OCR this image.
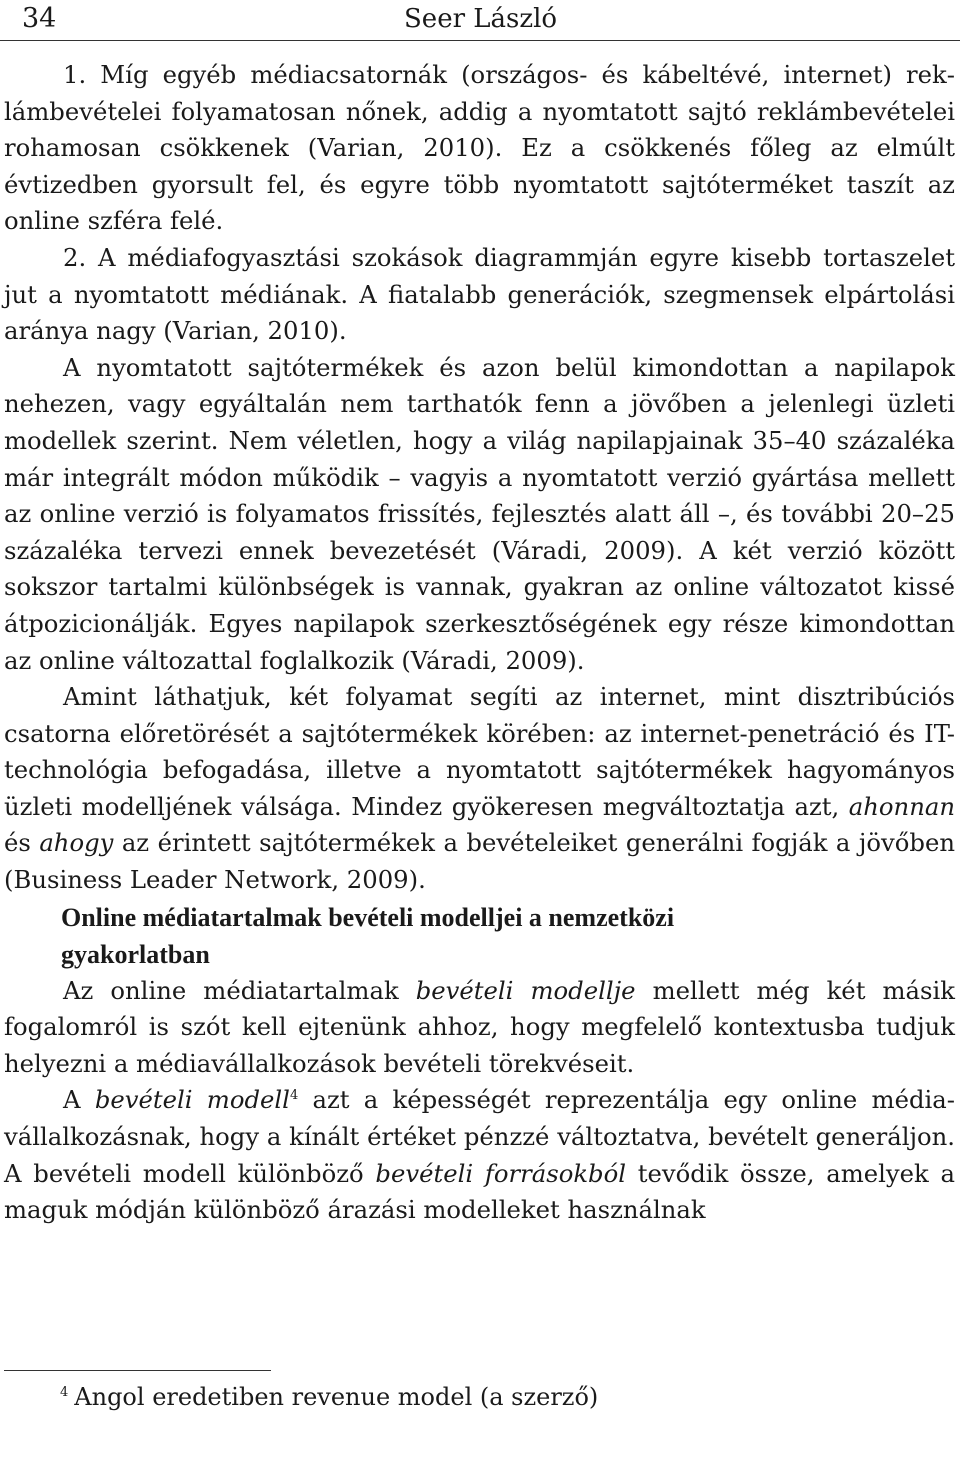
34	Seer László

1. Míg egyéb médiacsatornák (országos- és kábeltévé, internet) reklámbevételei folyamatosan nőnek, addig a nyomtatott sajtó reklámbevételei rohamosan csökkenek (Varian, 2010). Ez a csökkenés főleg az elmúlt évtizedben gyorsult fel, és egyre több nyomtatott sajtóterméket taszít az online szféra felé.

2. A médiafogyasztási szokások diagrammján egyre kisebb tortaszelet jut a nyomtatott médiának. A fiatalabb generációk, szegmensek elpártolási aránya nagy (Varian, 2010).

A nyomtatott sajtótermékek és azon belül kimondottan a napilapok nehezen, vagy egyáltalán nem tarthatók fenn a jövőben a jelenlegi üzleti modellek szerint. Nem véletlen, hogy a világ napilapjainak 35–40 százaléka már integrált módon működik – vagyis a nyomtatott verzió gyártása mellett az online verzió is folyamatos frissítés, fejlesztés alatt áll –, és további 20–25 százaléka tervezi ennek bevezetését (Váradi, 2009). A két verzió között sokszor tartalmi különbségek is vannak, gyakran az online változatot kissé átpozicionálják. Egyes napilapok szerkesztőségének egy része kimondottan az online változattal foglalkozik (Váradi, 2009).

Amint láthatjuk, két folyamat segíti az internet, mint disztribúciós csatorna előretörését a sajtótermékek körében: az internet-penetráció és IT-technológia befogadása, illetve a nyomtatott sajtótermékek hagyományos üzleti modelljének válsága. Mindez gyökeresen megváltoztatja azt, ahonnan és ahogy az érintett sajtótermékek a bevételeiket generálni fogják a jövőben (Business Leader Network, 2009).

Online médiatartalmak bevételi modelljei a nemzetközi gyakorlatban

Az online médiatartalmak bevételi modellje mellett még két másik fogalomról is szót kell ejtenünk ahhoz, hogy megfelelő kontextusba tudjuk helyezni a médiavállalkozások bevételi törekvéseit.

A bevételi modell$^4$ azt a képességét reprezentálja egy online médiavállalkozásnak, hogy a kínált értéket pénzzé változtatva, bevételt generáljon. A bevételi modell különböző bevételi forrásokból tevődik össze, amelyek a maguk módján különböző árazási modelleket használnak

$^4$ Angol eredetiben revenue model (a szerző)
